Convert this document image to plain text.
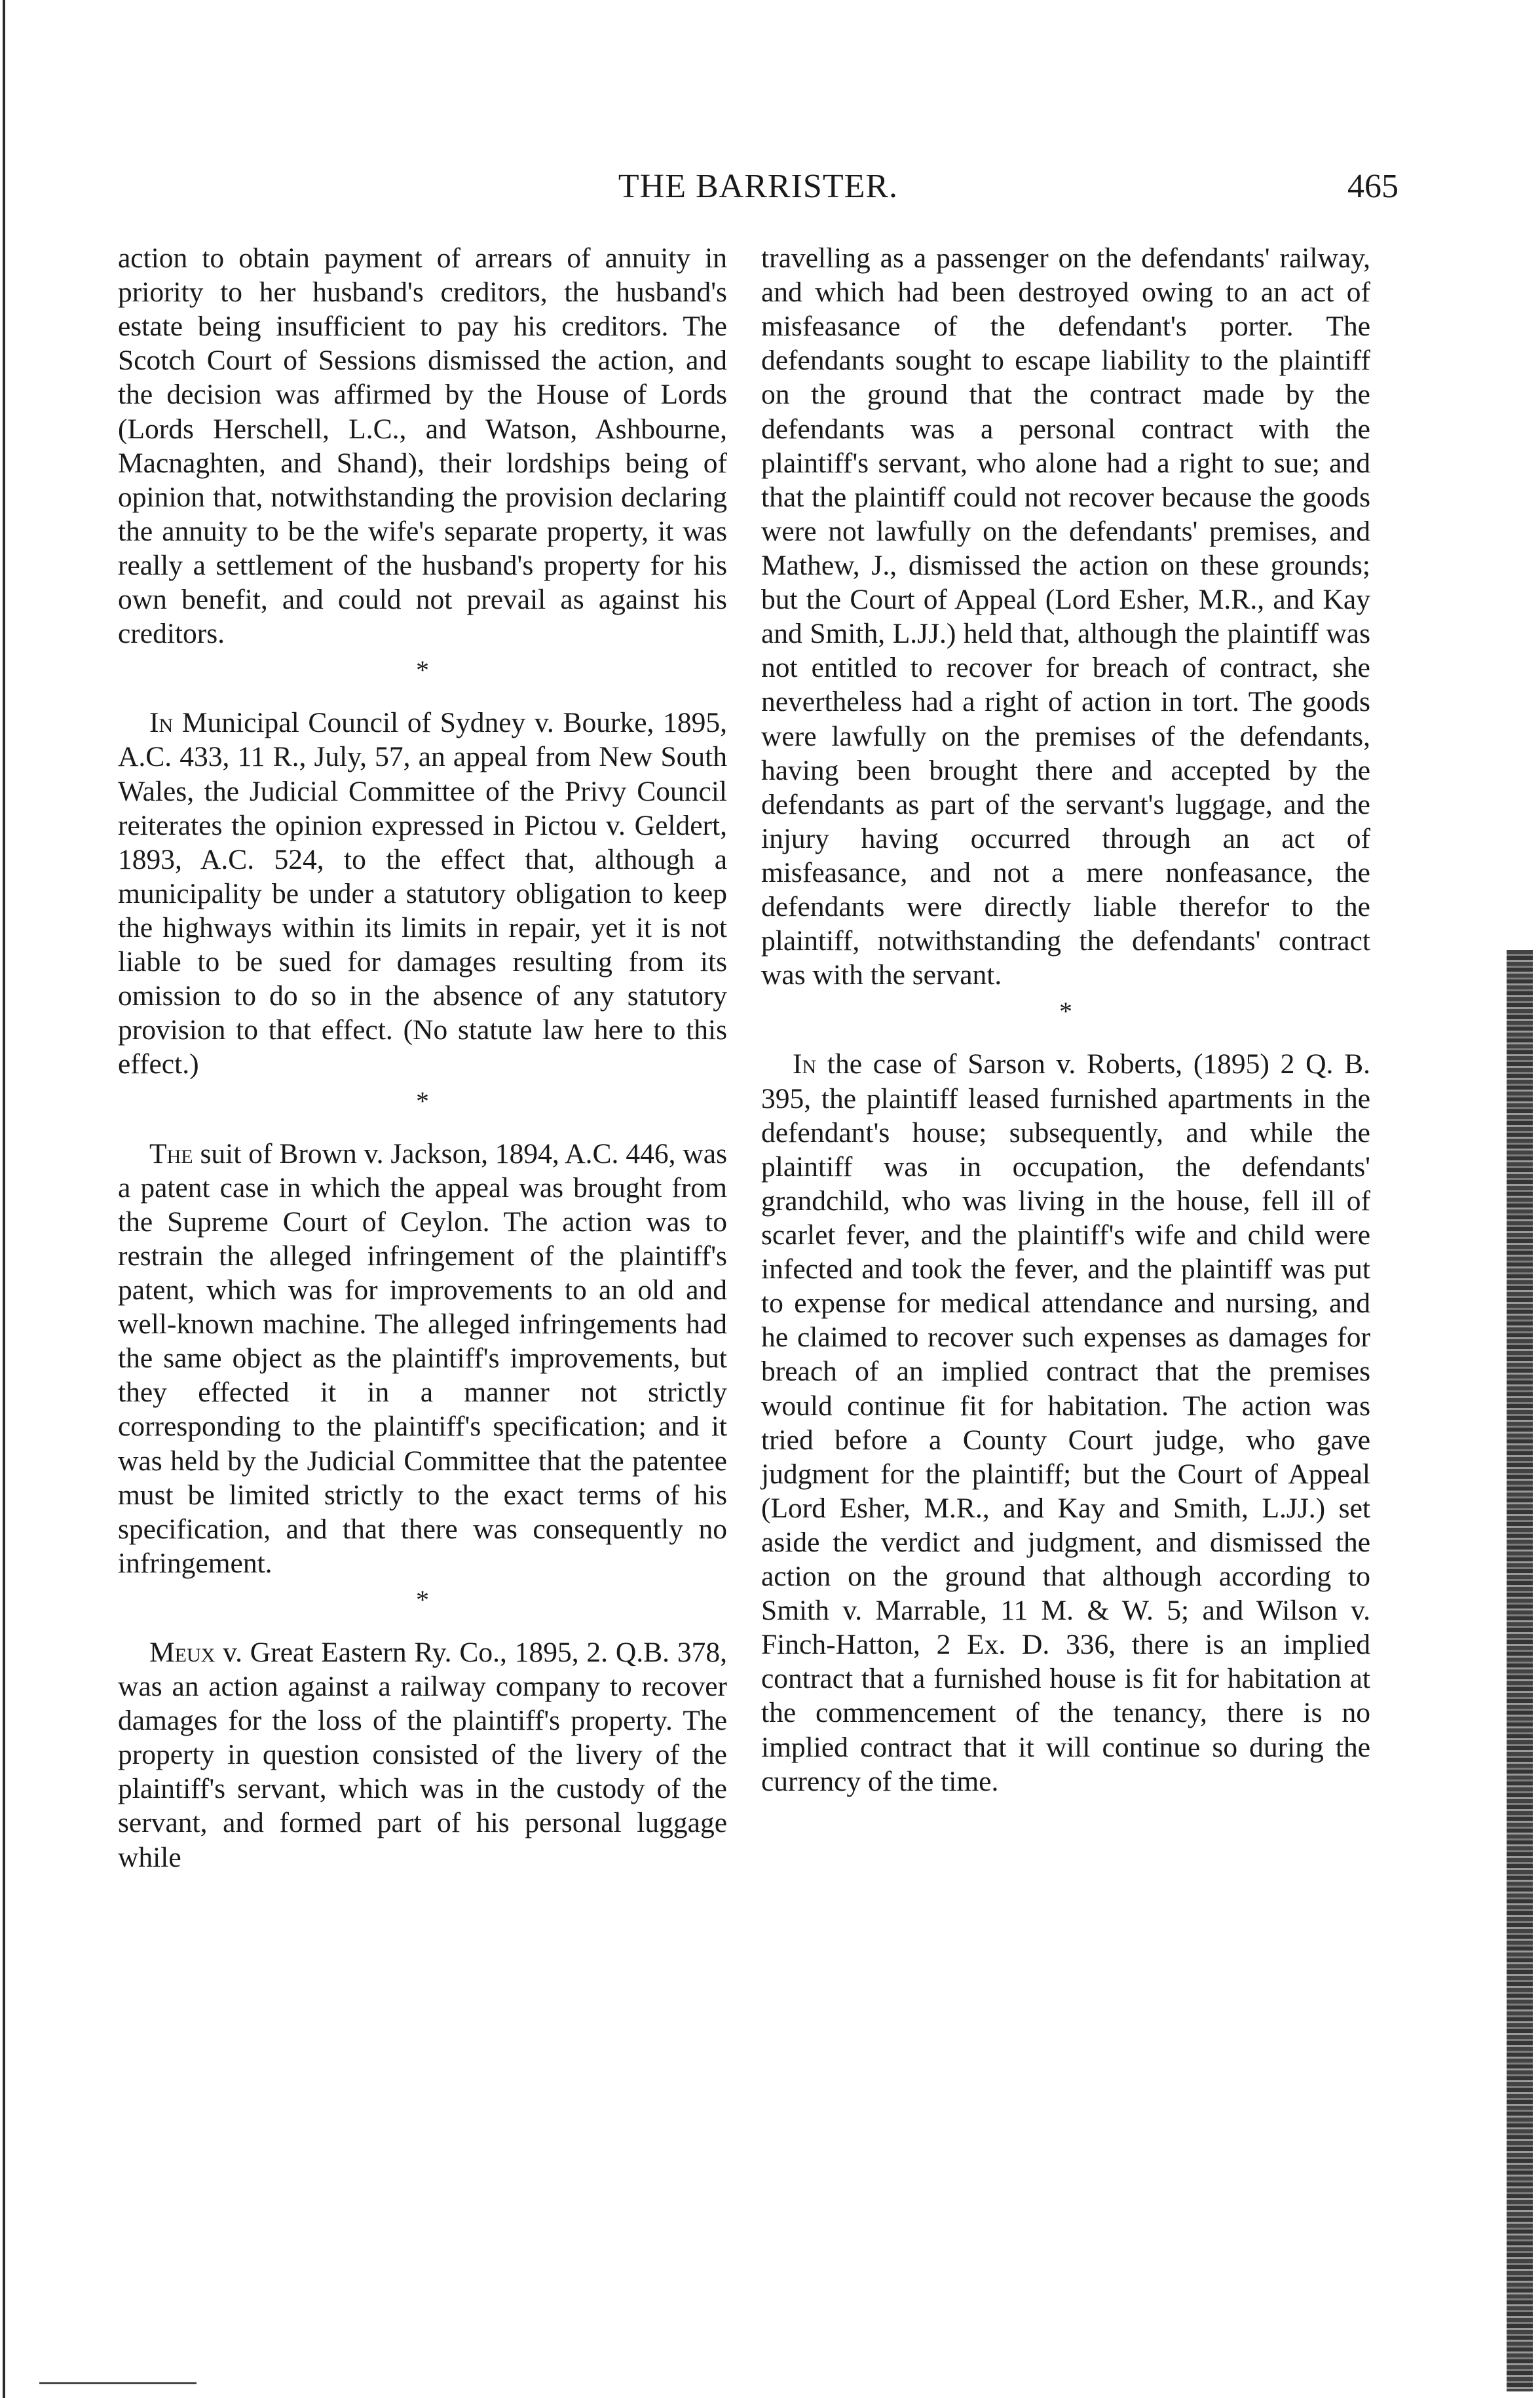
THE BARRISTER.	465

action to obtain payment of arrears of annuity in priority to her husband's creditors, the husband's estate being insufficient to pay his creditors. The Scotch Court of Sessions dismissed the action, and the decision was affirmed by the House of Lords (Lords Herschell, L.C., and Watson, Ashbourne, Macnaghten, and Shand), their lordships being of opinion that, notwithstanding the provision declaring the annuity to be the wife's separate property, it was really a settlement of the husband's property for his own benefit, and could not prevail as against his creditors.

*

In Municipal Council of Sydney v. Bourke, 1895, A.C. 433, 11 R., July, 57, an appeal from New South Wales, the Judicial Committee of the Privy Council reiterates the opinion expressed in Pictou v. Geldert, 1893, A.C. 524, to the effect that, although a municipality be under a statutory obligation to keep the highways within its limits in repair, yet it is not liable to be sued for damages resulting from its omission to do so in the absence of any statutory provision to that effect. (No statute law here to this effect.)

*

The suit of Brown v. Jackson, 1894, A.C. 446, was a patent case in which the appeal was brought from the Supreme Court of Ceylon. The action was to restrain the alleged infringement of the plaintiff's patent, which was for improvements to an old and well-known machine. The alleged infringements had the same object as the plaintiff's improvements, but they effected it in a manner not strictly corresponding to the plaintiff's specification; and it was held by the Judicial Committee that the patentee must be limited strictly to the exact terms of his specification, and that there was consequently no infringement.

*

Meux v. Great Eastern Ry. Co., 1895, 2. Q.B. 378, was an action against a railway company to recover damages for the loss of the plaintiff's property. The property in question consisted of the livery of the plaintiff's servant, which was in the custody of the servant, and formed part of his personal luggage while

travelling as a passenger on the defendants' railway, and which had been destroyed owing to an act of misfeasance of the defendant's porter. The defendants sought to escape liability to the plaintiff on the ground that the contract made by the defendants was a personal contract with the plaintiff's servant, who alone had a right to sue; and that the plaintiff could not recover because the goods were not lawfully on the defendants' premises, and Mathew, J., dismissed the action on these grounds; but the Court of Appeal (Lord Esher, M.R., and Kay and Smith, L.JJ.) held that, although the plaintiff was not entitled to recover for breach of contract, she nevertheless had a right of action in tort. The goods were lawfully on the premises of the defendants, having been brought there and accepted by the defendants as part of the servant's luggage, and the injury having occurred through an act of misfeasance, and not a mere nonfeasance, the defendants were directly liable therefor to the plaintiff, notwithstanding the defendants' contract was with the servant.

*

In the case of Sarson v. Roberts, (1895) 2 Q. B. 395, the plaintiff leased furnished apartments in the defendant's house; subsequently, and while the plaintiff was in occupation, the defendants' grandchild, who was living in the house, fell ill of scarlet fever, and the plaintiff's wife and child were infected and took the fever, and the plaintiff was put to expense for medical attendance and nursing, and he claimed to recover such expenses as damages for breach of an implied contract that the premises would continue fit for habitation. The action was tried before a County Court judge, who gave judgment for the plaintiff; but the Court of Appeal (Lord Esher, M.R., and Kay and Smith, L.JJ.) set aside the verdict and judgment, and dismissed the action on the ground that although according to Smith v. Marrable, 11 M. & W. 5; and Wilson v. Finch-Hatton, 2 Ex. D. 336, there is an implied contract that a furnished house is fit for habitation at the commencement of the tenancy, there is no implied contract that it will continue so during the currency of the time.
